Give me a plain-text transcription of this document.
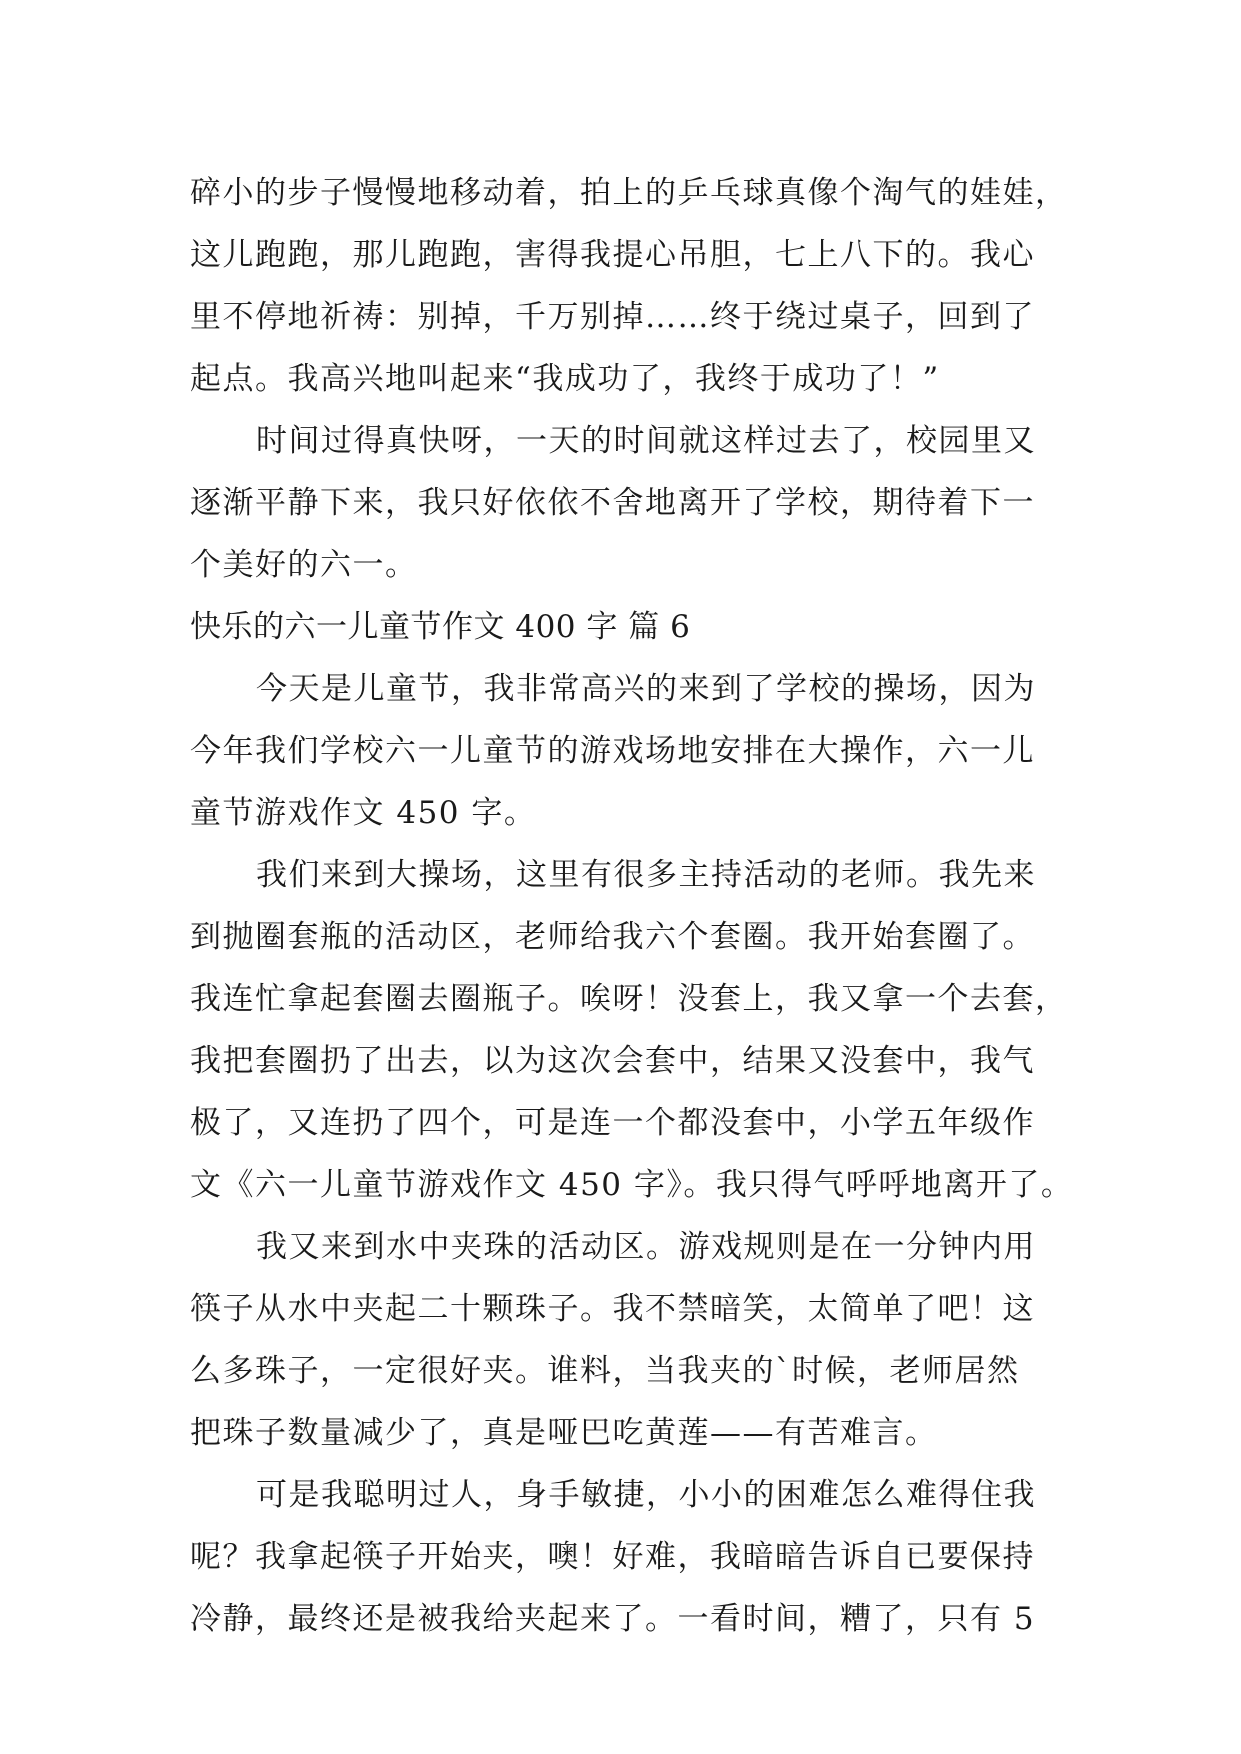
碎小的步子慢慢地移动着，拍上的乒乓球真像个淘气的娃娃，
这儿跑跑，那儿跑跑，害得我提心吊胆，七上八下的。我心
里不停地祈祷：别掉，千万别掉……终于绕过桌子，回到了
起点。我高兴地叫起来“我成功了，我终于成功了！”
时间过得真快呀，一天的时间就这样过去了，校园里又
逐渐平静下来，我只好依依不舍地离开了学校，期待着下一
个美好的六一。
快乐的六一儿童节作文 400 字 篇 6
今天是儿童节，我非常高兴的来到了学校的操场，因为
今年我们学校六一儿童节的游戏场地安排在大操作，六一儿
童节游戏作文 450 字。
我们来到大操场，这里有很多主持活动的老师。我先来
到抛圈套瓶的活动区，老师给我六个套圈。我开始套圈了。
我连忙拿起套圈去圈瓶子。唉呀！没套上，我又拿一个去套，
我把套圈扔了出去，以为这次会套中，结果又没套中，我气
极了，又连扔了四个，可是连一个都没套中，小学五年级作
文《六一儿童节游戏作文 450 字》。我只得气呼呼地离开了。
我又来到水中夹珠的活动区。游戏规则是在一分钟内用
筷子从水中夹起二十颗珠子。我不禁暗笑，太简单了吧！这
么多珠子，一定很好夹。谁料，当我夹的`时候，老师居然
把珠子数量减少了，真是哑巴吃黄莲——有苦难言。
可是我聪明过人，身手敏捷，小小的困难怎么难得住我
呢？我拿起筷子开始夹，噢！好难，我暗暗告诉自已要保持
冷静，最终还是被我给夹起来了。一看时间，糟了，只有 5
